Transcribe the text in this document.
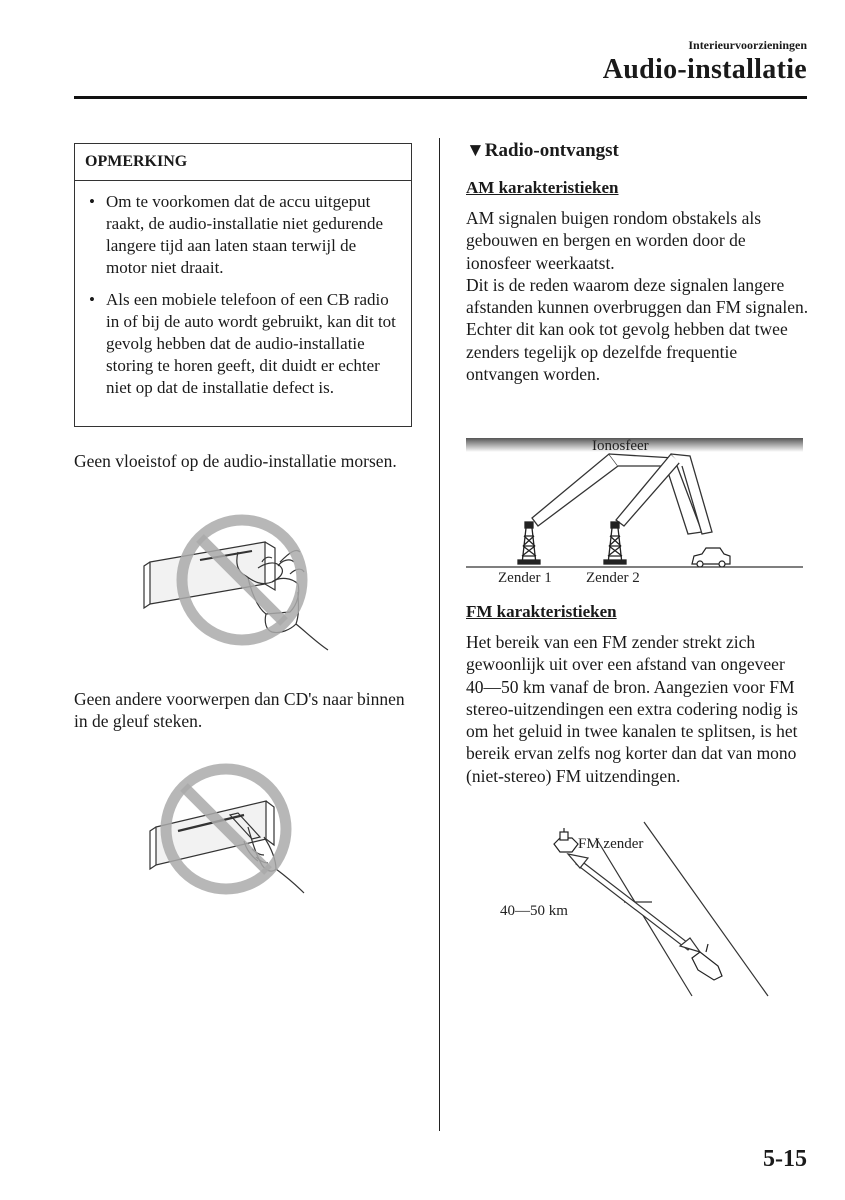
Interieurvoorzieningen
Audio-installatie
OPMERKING
• Om te voorkomen dat de accu uitgeput raakt, de audio-installatie niet gedurende langere tijd aan laten staan terwijl de motor niet draait.
• Als een mobiele telefoon of een CB radio in of bij de auto wordt gebruikt, kan dit tot gevolg hebben dat de audio-installatie storing te horen geeft, dit duidt er echter niet op dat de installatie defect is.

Geen vloeistof op de audio-installatie morsen.

Geen andere voorwerpen dan CD's naar binnen in de gleuf steken.

▼Radio-ontvangst
AM karakteristieken

AM signalen buigen rondom obstakels als gebouwen en bergen en worden door de ionosfeer weerkaatst.
Dit is de reden waarom deze signalen langere afstanden kunnen overbruggen dan FM signalen.
Echter dit kan ook tot gevolg hebben dat twee zenders tegelijk op dezelfde frequentie ontvangen worden.

Ionosfeer
Zender 1 Zender 2
FM karakteristieken

Het bereik van een FM zender strekt zich gewoonlijk uit over een afstand van ongeveer 40―50 km vanaf de bron. Aangezien voor FM stereo-uitzendingen een extra codering nodig is om het geluid in twee kanalen te splitsen, is het bereik ervan zelfs nog korter dan dat van mono (niet-stereo) FM uitzendingen.

FM zender
40—50 km
5-15
